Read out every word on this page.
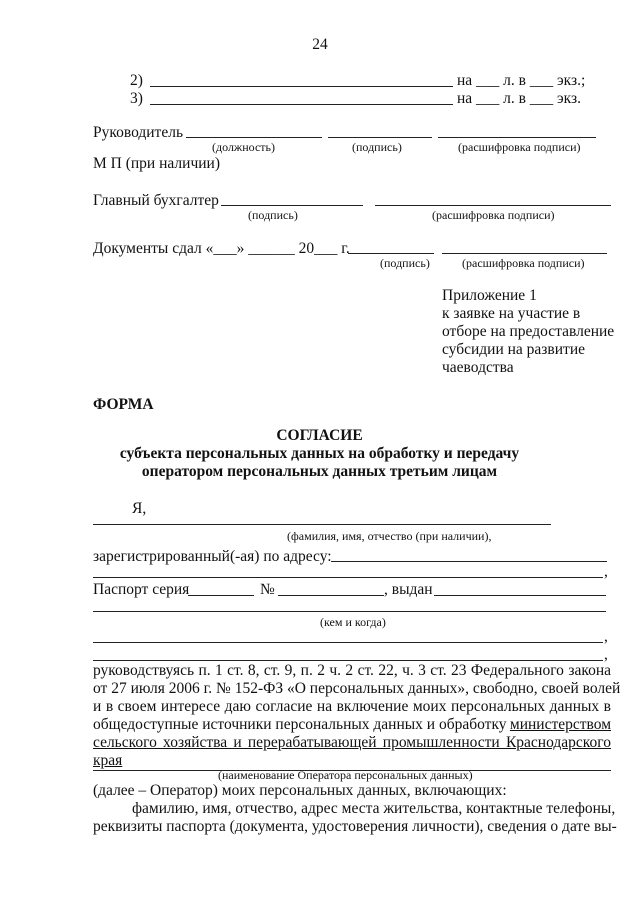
24
2)	на ___ л. в ___ экз.;
3)	на ___ л. в ___ экз.
Руководитель
(должность)	(подпись)	(расшифровка подписи)
М П (при наличии)
Главный бухгалтер
(подпись)	(расшифровка подписи)
Документы сдал «___» ______ 20___ г.
(подпись)	(расшифровка подписи)
Приложение 1
к заявке на участие в
отборе на предоставление
субсидии на развитие
чаеводства
ФОРМА
СОГЛАСИЕ
субъекта персональных данных на обработку и передачу
оператором персональных данных третьим лицам
Я,
(фамилия, имя, отчество (при наличии),
зарегистрированный(-ая) по адресу:
,
Паспорт серия	№	, выдан
(кем и когда)
,
,
руководствуясь п. 1 ст. 8, ст. 9, п. 2 ч. 2 ст. 22, ч. 3 ст. 23 Федерального закона
от 27 июля 2006 г. № 152-ФЗ «О персональных данных», свободно, своей волей
и в своем интересе даю согласие на включение моих персональных данных в
общедоступные источники персональных данных и обработку министерством
сельского хозяйства и перерабатывающей промышленности Краснодарского
края
(наименование Оператора персональных данных)
(далее – Оператор) моих персональных данных, включающих:
фамилию, имя, отчество, адрес места жительства, контактные телефоны,
реквизиты паспорта (документа, удостоверения личности), сведения о дате вы-
